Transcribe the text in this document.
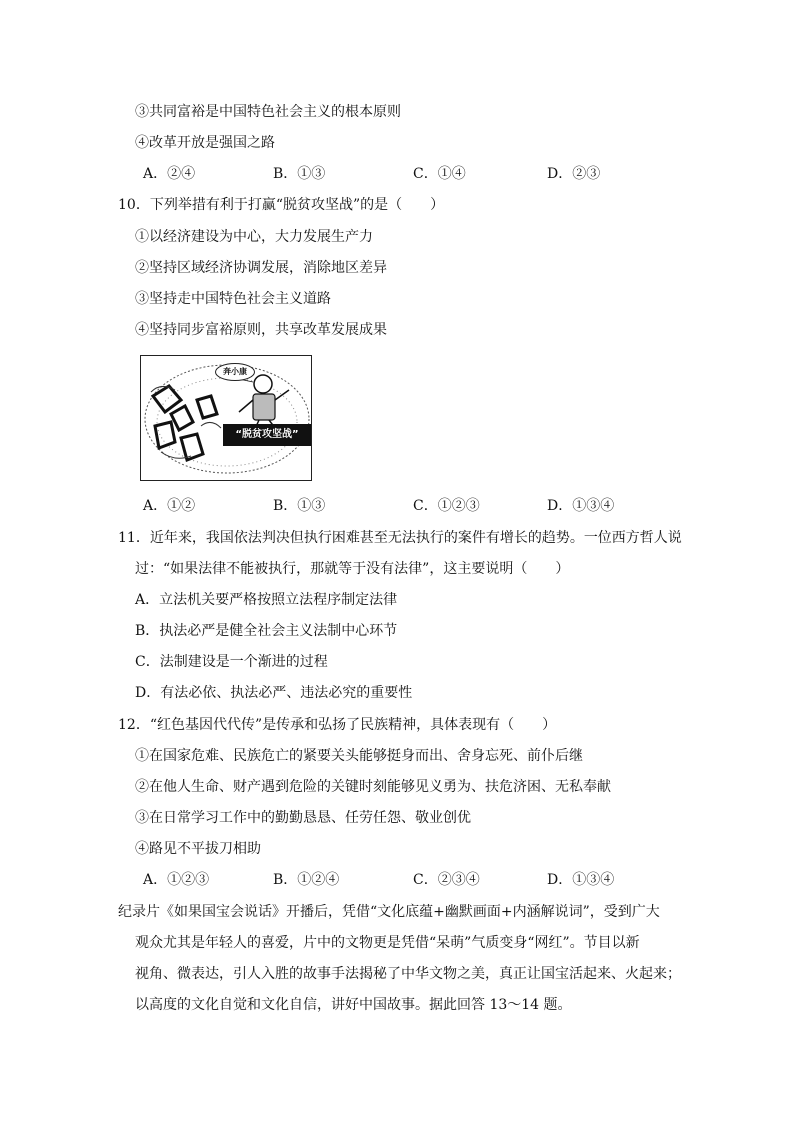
③共同富裕是中国特色社会主义的根本原则
④改革开放是强国之路
A．②④	B．①③	C．①④	D．②③
10．下列举措有利于打赢“脱贫攻坚战”的是（　　）
①以经济建设为中心，大力发展生产力
②坚持区域经济协调发展，消除地区差异
③坚持走中国特色社会主义道路
④坚持同步富裕原则，共享改革发展成果
奔小康
“脱贫攻坚战”
A．①②	B．①③	C．①②③	D．①③④
11．近年来，我国依法判决但执行困难甚至无法执行的案件有增长的趋势。一位西方哲人说
过：“如果法律不能被执行，那就等于没有法律”，这主要说明（　　）
A．立法机关要严格按照立法程序制定法律
B．执法必严是健全社会主义法制中心环节
C．法制建设是一个渐进的过程
D．有法必依、执法必严、违法必究的重要性
12．“红色基因代代传”是传承和弘扬了民族精神，具体表现有（　　）
①在国家危难、民族危亡的紧要关头能够挺身而出、舍身忘死、前仆后继
②在他人生命、财产遇到危险的关键时刻能够见义勇为、扶危济困、无私奉献
③在日常学习工作中的勤勤恳恳、任劳任怨、敬业创优
④路见不平拔刀相助
A．①②③	B．①②④	C．②③④	D．①③④
纪录片《如果国宝会说话》开播后，凭借“文化底蕴+幽默画面+内涵解说词”，受到广大
观众尤其是年轻人的喜爱，片中的文物更是凭借“呆萌”气质变身“网红”。节目以新
视角、微表达，引人入胜的故事手法揭秘了中华文物之美，真正让国宝活起来、火起来；
以高度的文化自觉和文化自信，讲好中国故事。据此回答 13～14 题。
